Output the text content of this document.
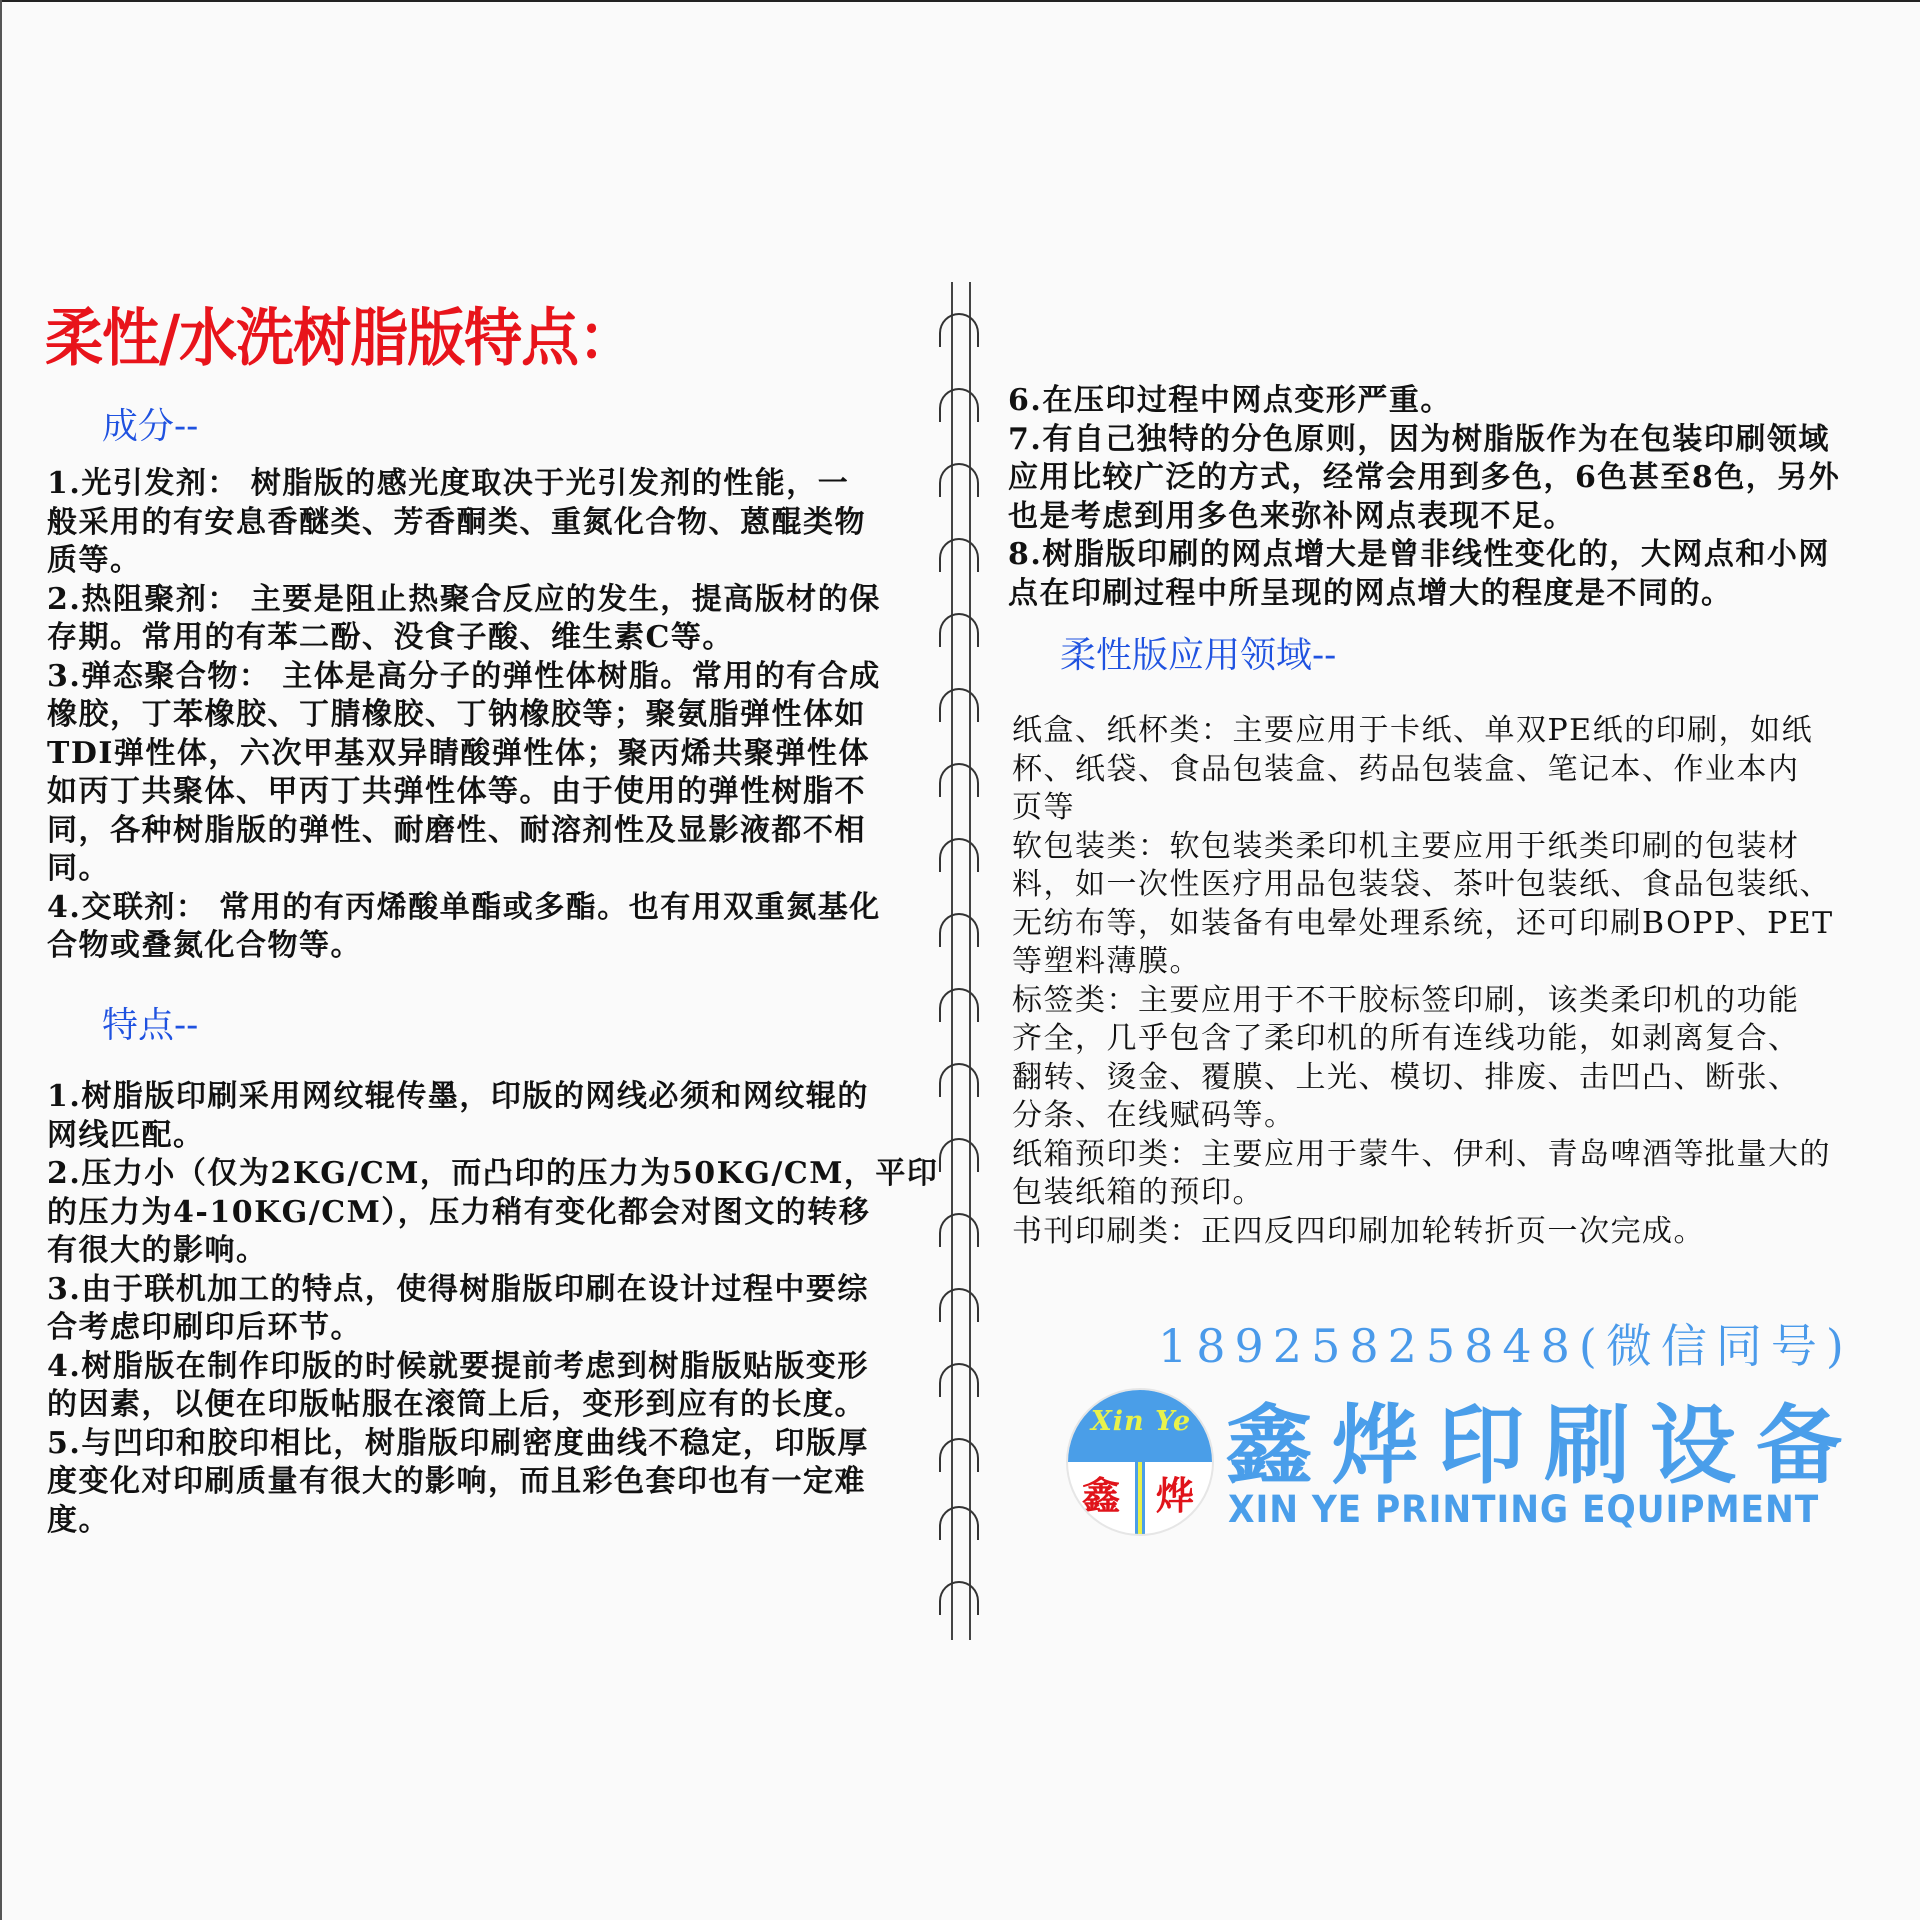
柔性/水洗树脂版特点：
成分--
1.光引发剂： 树脂版的感光度取决于光引发剂的性能，一
般采用的有安息香醚类、芳香酮类、重氮化合物、蒽醌类物
质等。
2.热阻聚剂： 主要是阻止热聚合反应的发生，提高版材的保
存期。常用的有苯二酚、没食子酸、维生素C等。
3.弹态聚合物： 主体是高分子的弹性体树脂。常用的有合成
橡胶，丁苯橡胶、丁腈橡胶、丁钠橡胶等；聚氨脂弹性体如
TDI弹性体，六次甲基双异睛酸弹性体；聚丙烯共聚弹性体
如丙丁共聚体、甲丙丁共弹性体等。由于使用的弹性树脂不
同，各种树脂版的弹性、耐磨性、耐溶剂性及显影液都不相
同。
4.交联剂： 常用的有丙烯酸单酯或多酯。也有用双重氮基化
合物或叠氮化合物等。
特点--
1.树脂版印刷采用网纹辊传墨，印版的网线必须和网纹辊的
网线匹配。
2.压力小（仅为2KG/CM，而凸印的压力为50KG/CM，平印
的压力为4-10KG/CM），压力稍有变化都会对图文的转移
有很大的影响。
3.由于联机加工的特点，使得树脂版印刷在设计过程中要综
合考虑印刷印后环节。
4.树脂版在制作印版的时候就要提前考虑到树脂版贴版变形
的因素，以便在印版帖服在滚筒上后，变形到应有的长度。
5.与凹印和胶印相比，树脂版印刷密度曲线不稳定，印版厚
度变化对印刷质量有很大的影响，而且彩色套印也有一定难
度。
6.在压印过程中网点变形严重。
7.有自己独特的分色原则，因为树脂版作为在包装印刷领域
应用比较广泛的方式，经常会用到多色，6色甚至8色，另外
也是考虑到用多色来弥补网点表现不足。
8.树脂版印刷的网点增大是曾非线性变化的，大网点和小网
点在印刷过程中所呈现的网点增大的程度是不同的。
柔性版应用领域--
纸盒、纸杯类：主要应用于卡纸、单双PE纸的印刷，如纸
杯、纸袋、食品包装盒、药品包装盒、笔记本、作业本内
页等
软包装类：软包装类柔印机主要应用于纸类印刷的包装材
料，如一次性医疗用品包装袋、茶叶包装纸、食品包装纸、
无纺布等，如装备有电晕处理系统，还可印刷BOPP、PET
等塑料薄膜。
标签类：主要应用于不干胶标签印刷，该类柔印机的功能
齐全，几乎包含了柔印机的所有连线功能，如剥离复合、
翻转、烫金、覆膜、上光、模切、排废、击凹凸、断张、
分条、在线赋码等。
纸箱预印类：主要应用于蒙牛、伊利、青岛啤酒等批量大的
包装纸箱的预印。
书刊印刷类：正四反四印刷加轮转折页一次完成。
18925825848(微信同号)
Xin Ye
鑫 烨 鑫烨印刷设备
XIN YE PRINTING EQUIPMENT
